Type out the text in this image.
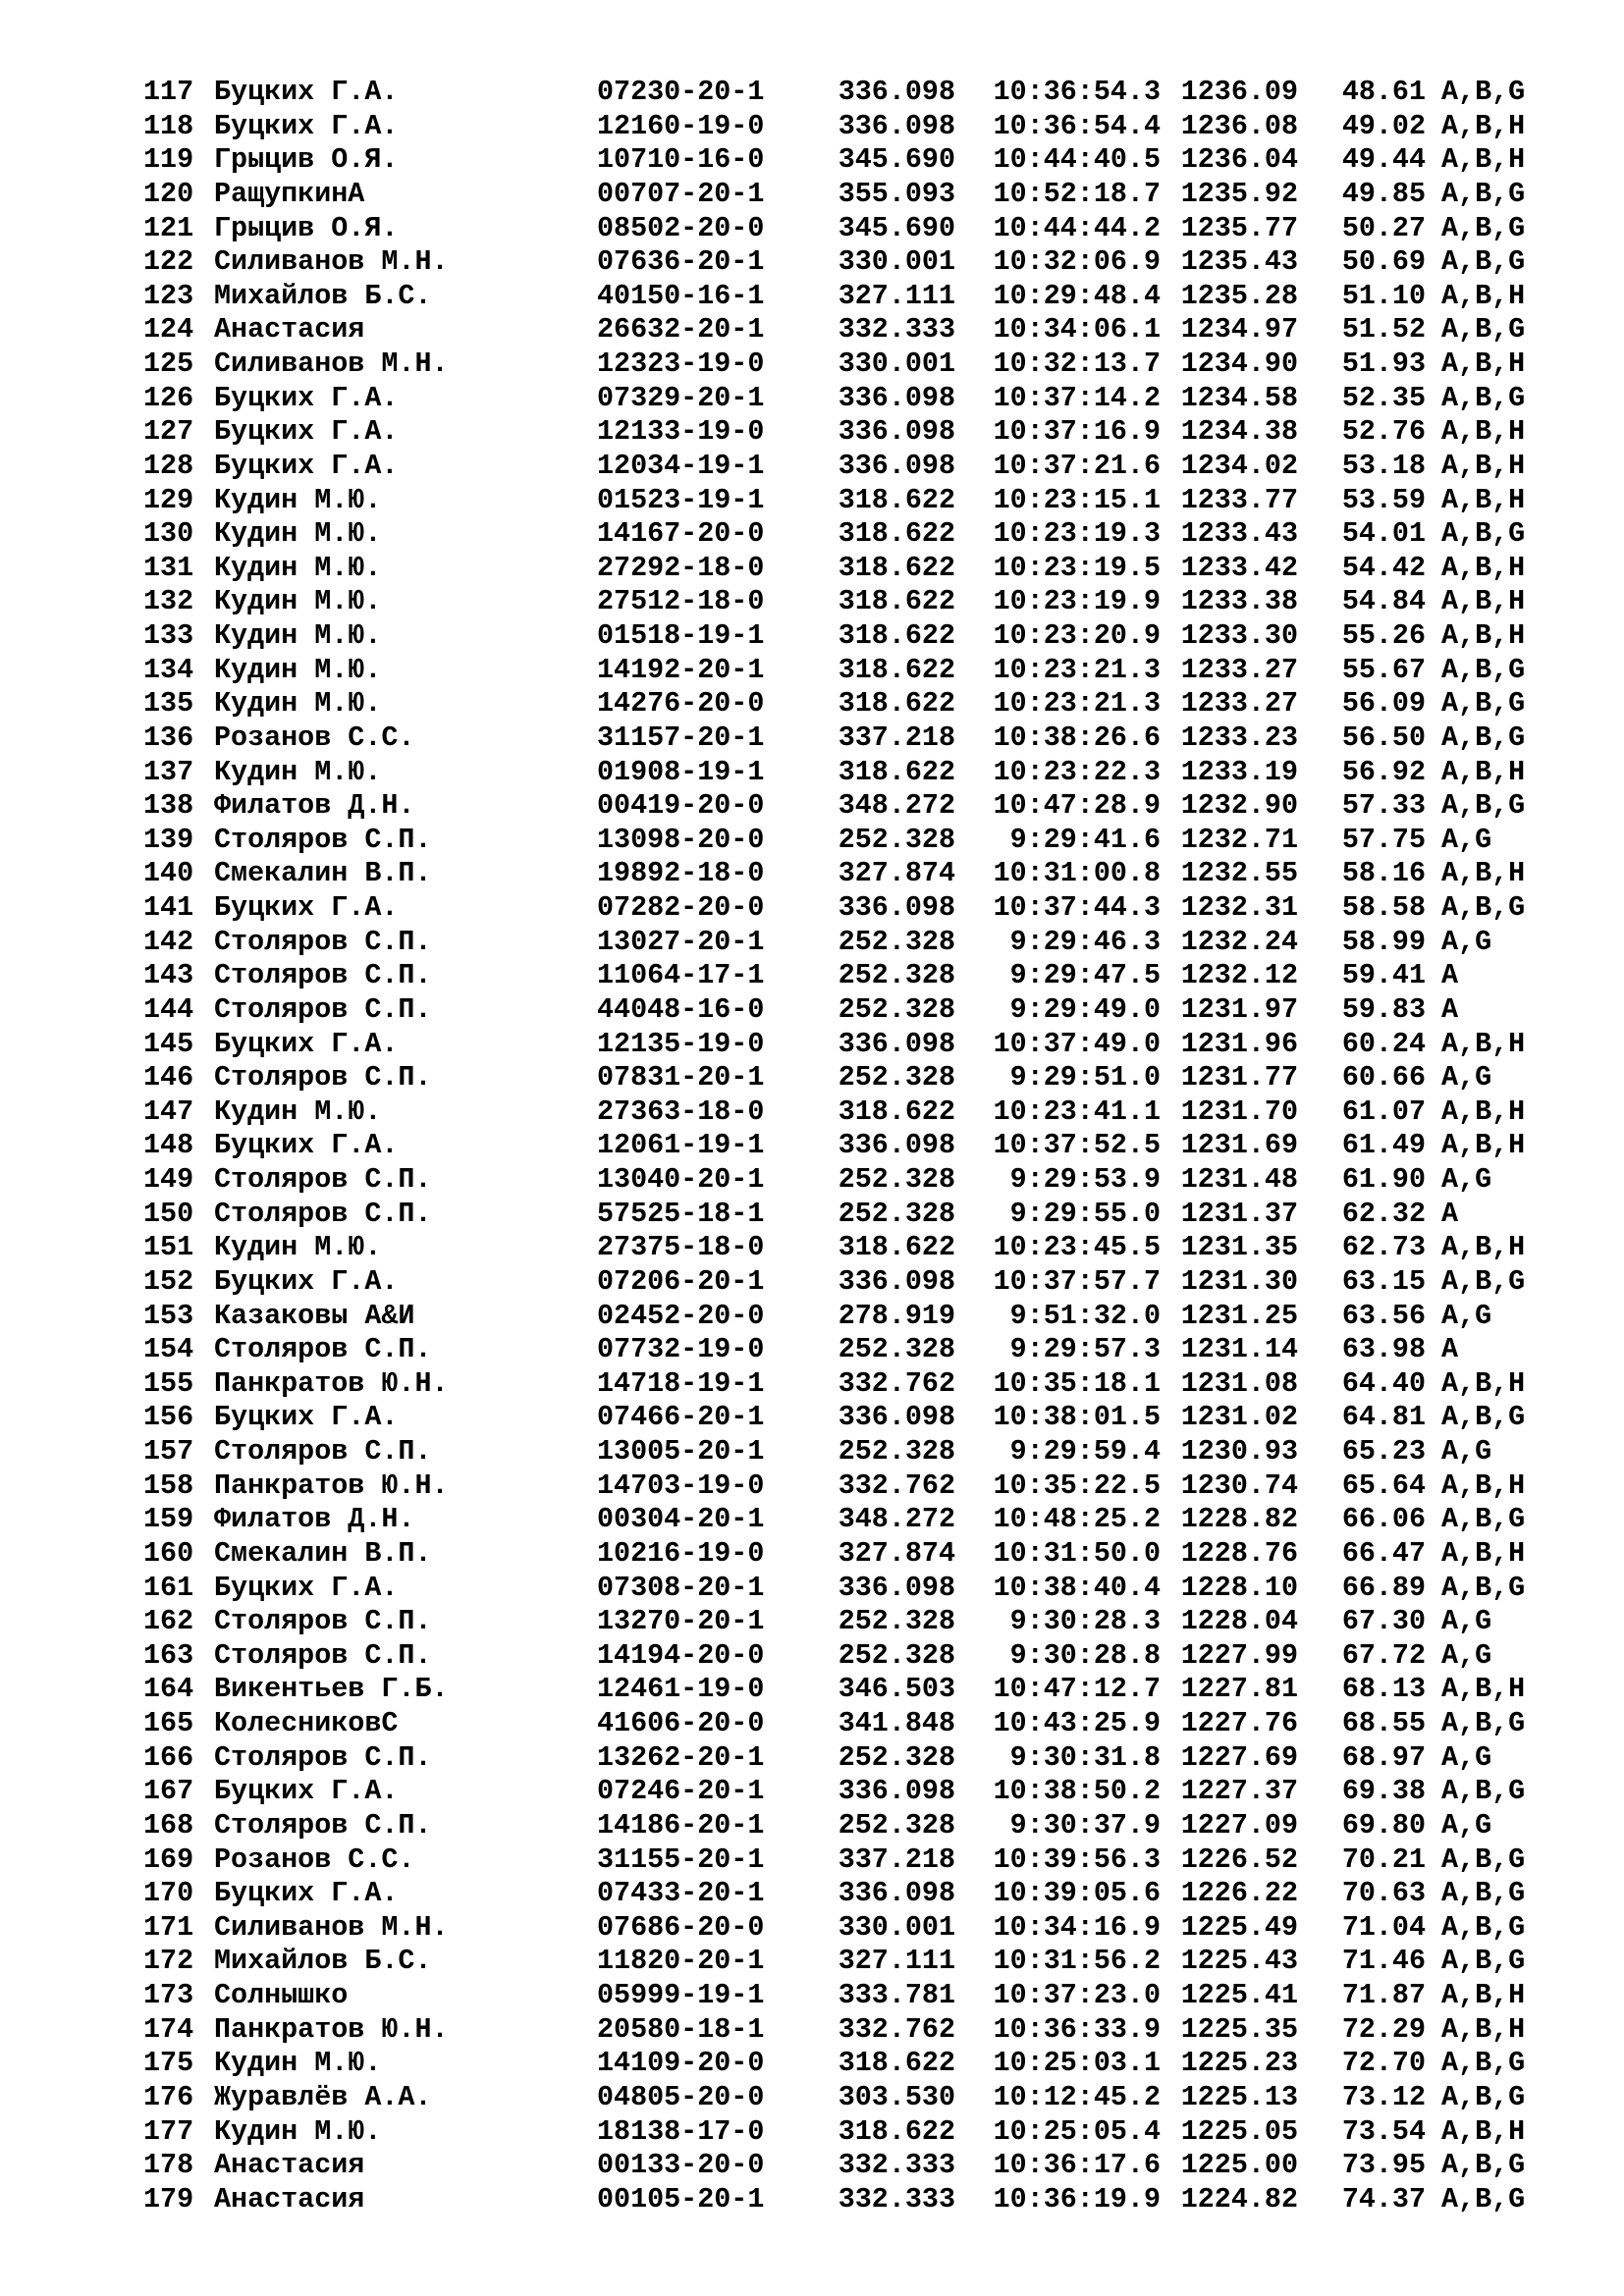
117 Буцких Г.А.	07230-20-1	336.098	10:36:54.3 1236.09 48.61 A,B,G
118 Буцких Г.А.	12160-19-0	336.098	10:36:54.4 1236.08 49.02 A,B,H
119 Грыцив О.Я.	10710-16-0	345.690	10:44:40.5 1236.04 49.44 A,B,H
120 РащупкинА	00707-20-1	355.093	10:52:18.7 1235.92 49.85 A,B,G
121 Грыцив О.Я.	08502-20-0	345.690	10:44:44.2 1235.77 50.27 A,B,G
122 Силиванов М.Н.	07636-20-1	330.001	10:32:06.9 1235.43 50.69 A,B,G
123 Михайлов Б.С.	40150-16-1	327.111	10:29:48.4 1235.28 51.10 A,B,H
124 Анастасия	26632-20-1	332.333	10:34:06.1 1234.97 51.52 A,B,G
125 Силиванов М.Н.	12323-19-0	330.001	10:32:13.7 1234.90 51.93 A,B,H
126 Буцких Г.А.	07329-20-1	336.098	10:37:14.2 1234.58 52.35 A,B,G
127 Буцких Г.А.	12133-19-0	336.098	10:37:16.9 1234.38 52.76 A,B,H
128 Буцких Г.А.	12034-19-1	336.098	10:37:21.6 1234.02 53.18 A,B,H
129 Кудин М.Ю.	01523-19-1	318.622	10:23:15.1 1233.77 53.59 A,B,H
130 Кудин М.Ю.	14167-20-0	318.622	10:23:19.3 1233.43 54.01 A,B,G
131 Кудин М.Ю.	27292-18-0	318.622	10:23:19.5 1233.42 54.42 A,B,H
132 Кудин М.Ю.	27512-18-0	318.622	10:23:19.9 1233.38 54.84 A,B,H
133 Кудин М.Ю.	01518-19-1	318.622	10:23:20.9 1233.30 55.26 A,B,H
134 Кудин М.Ю.	14192-20-1	318.622	10:23:21.3 1233.27 55.67 A,B,G
135 Кудин М.Ю.	14276-20-0	318.622	10:23:21.3 1233.27 56.09 A,B,G
136 Розанов С.С.	31157-20-1	337.218	10:38:26.6 1233.23 56.50 A,B,G
137 Кудин М.Ю.	01908-19-1	318.622	10:23:22.3 1233.19 56.92 A,B,H
138 Филатов Д.Н.	00419-20-0	348.272	10:47:28.9 1232.90 57.33 A,B,G
139 Столяров С.П.	13098-20-0	252.328	9:29:41.6 1232.71 57.75 A,G
140 Смекалин В.П.	19892-18-0	327.874	10:31:00.8 1232.55 58.16 A,B,H
141 Буцких Г.А.	07282-20-0	336.098	10:37:44.3 1232.31 58.58 A,B,G
142 Столяров С.П.	13027-20-1	252.328	9:29:46.3 1232.24 58.99 A,G
143 Столяров С.П.	11064-17-1	252.328	9:29:47.5 1232.12 59.41 A
144 Столяров С.П.	44048-16-0	252.328	9:29:49.0 1231.97 59.83 A
145 Буцких Г.А.	12135-19-0	336.098	10:37:49.0 1231.96 60.24 A,B,H
146 Столяров С.П.	07831-20-1	252.328	9:29:51.0 1231.77 60.66 A,G
147 Кудин М.Ю.	27363-18-0	318.622	10:23:41.1 1231.70 61.07 A,B,H
148 Буцких Г.А.	12061-19-1	336.098	10:37:52.5 1231.69 61.49 A,B,H
149 Столяров С.П.	13040-20-1	252.328	9:29:53.9 1231.48 61.90 A,G
150 Столяров С.П.	57525-18-1	252.328	9:29:55.0 1231.37 62.32 A
151 Кудин М.Ю.	27375-18-0	318.622	10:23:45.5 1231.35 62.73 A,B,H
152 Буцких Г.А.	07206-20-1	336.098	10:37:57.7 1231.30 63.15 A,B,G
153 Казаковы А&И	02452-20-0	278.919	9:51:32.0 1231.25 63.56 A,G
154 Столяров С.П.	07732-19-0	252.328	9:29:57.3 1231.14 63.98 A
155 Панкратов Ю.Н.	14718-19-1	332.762	10:35:18.1 1231.08 64.40 A,B,H
156 Буцких Г.А.	07466-20-1	336.098	10:38:01.5 1231.02 64.81 A,B,G
157 Столяров С.П.	13005-20-1	252.328	9:29:59.4 1230.93 65.23 A,G
158 Панкратов Ю.Н.	14703-19-0	332.762	10:35:22.5 1230.74 65.64 A,B,H
159 Филатов Д.Н.	00304-20-1	348.272	10:48:25.2 1228.82 66.06 A,B,G
160 Смекалин В.П.	10216-19-0	327.874	10:31:50.0 1228.76 66.47 A,B,H
161 Буцких Г.А.	07308-20-1	336.098	10:38:40.4 1228.10 66.89 A,B,G
162 Столяров С.П.	13270-20-1	252.328	9:30:28.3 1228.04 67.30 A,G
163 Столяров С.П.	14194-20-0	252.328	9:30:28.8 1227.99 67.72 A,G
164 Викентьев Г.Б.	12461-19-0	346.503	10:47:12.7 1227.81 68.13 A,B,H
165 КолесниковС	41606-20-0	341.848	10:43:25.9 1227.76 68.55 A,B,G
166 Столяров С.П.	13262-20-1	252.328	9:30:31.8 1227.69 68.97 A,G
167 Буцких Г.А.	07246-20-1	336.098	10:38:50.2 1227.37 69.38 A,B,G
168 Столяров С.П.	14186-20-1	252.328	9:30:37.9 1227.09 69.80 A,G
169 Розанов С.С.	31155-20-1	337.218	10:39:56.3 1226.52 70.21 A,B,G
170 Буцких Г.А.	07433-20-1	336.098	10:39:05.6 1226.22 70.63 A,B,G
171 Силиванов М.Н.	07686-20-0	330.001	10:34:16.9 1225.49 71.04 A,B,G
172 Михайлов Б.С.	11820-20-1	327.111	10:31:56.2 1225.43 71.46 A,B,G
173 Солнышко	05999-19-1	333.781	10:37:23.0 1225.41 71.87 A,B,H
174 Панкратов Ю.Н.	20580-18-1	332.762	10:36:33.9 1225.35 72.29 A,B,H
175 Кудин М.Ю.	14109-20-0	318.622	10:25:03.1 1225.23 72.70 A,B,G
176 Журавлёв А.А.	04805-20-0	303.530	10:12:45.2 1225.13 73.12 A,B,G
177 Кудин М.Ю.	18138-17-0	318.622	10:25:05.4 1225.05 73.54 A,B,H
178 Анастасия	00133-20-0	332.333	10:36:17.6 1225.00 73.95 A,B,G
179 Анастасия	00105-20-1	332.333	10:36:19.9 1224.82 74.37 A,B,G
